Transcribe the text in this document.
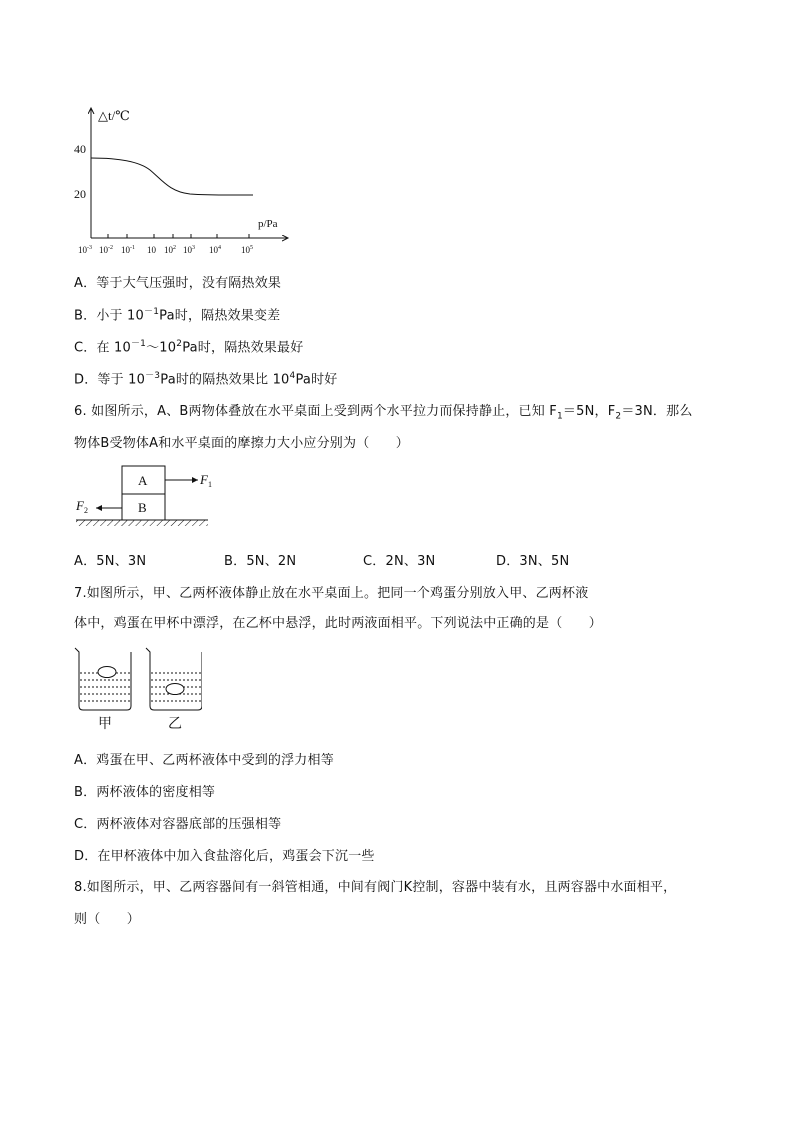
△t/℃
p/Pa
40
20
$10^{-3}$ $10^{-2}$ $10^{-1}$ 10 $10^2$ $10^3$ $10^4$ $10^5$
A．等于大气压强时，没有隔热效果
B．小于 $10^{-1}Pa$时，隔热效果变差
C．在 $10^{-1}\sim 10^2Pa$时，隔热效果最好
D．等于 $10^{-3}Pa$时的隔热效果比 $10^4Pa$时好
6. 如图所示，A、B两物体叠放在水平桌面上受到两个水平拉力而保持静止，已知 $F_1=5N$，$F_2=3N$．那么
物体B受物体A和水平桌面的摩擦力大小应分别为（　　）
A
B
$F_1$
$F_2$
A．5N、3N	B．5N、2N	C．2N、3N	D．3N、5N
7.如图所示，甲、乙两杯液体静止放在水平桌面上。把同一个鸡蛋分别放入甲、乙两杯液
体中，鸡蛋在甲杯中漂浮，在乙杯中悬浮，此时两液面相平。下列说法中正确的是（　　）
甲	乙
A．鸡蛋在甲、乙两杯液体中受到的浮力相等
B．两杯液体的密度相等
C．两杯液体对容器底部的压强相等
D．在甲杯液体中加入食盐溶化后，鸡蛋会下沉一些
8.如图所示，甲、乙两容器间有一斜管相通，中间有阀门K控制，容器中装有水，且两容器中水面相平，
则（　　）
